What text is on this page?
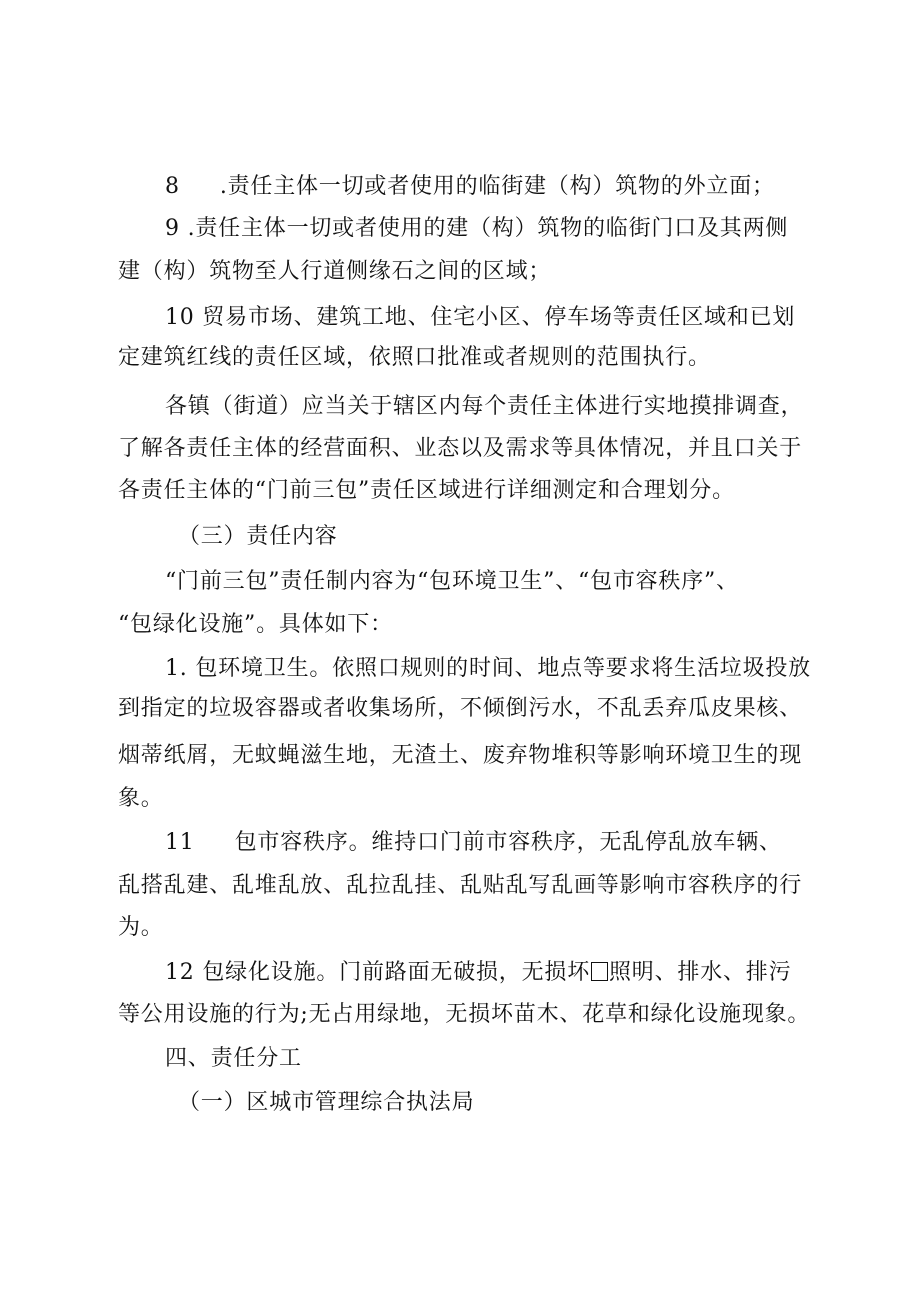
8 .责任主体一切或者使用的临街建（构）筑物的外立面；
9 .责任主体一切或者使用的建（构）筑物的临街门口及其两侧
建（构）筑物至人行道侧缘石之间的区域；
10 贸易市场、建筑工地、住宅小区、停车场等责任区域和已划
定建筑红线的责任区域，依照口批准或者规则的范围执行。
各镇（街道）应当关于辖区内每个责任主体进行实地摸排调查，
了解各责任主体的经营面积、业态以及需求等具体情况，并且口关于
各责任主体的“门前三包”责任区域进行详细测定和合理划分。
（三）责任内容
“门前三包”责任制内容为“包环境卫生”、“包市容秩序”、
“包绿化设施”。具体如下：
1. 包环境卫生。依照口规则的时间、地点等要求将生活垃圾投放
到指定的垃圾容器或者收集场所，不倾倒污水，不乱丢弃瓜皮果核、
烟蒂纸屑，无蚊蝇滋生地，无渣土、废弃物堆积等影响环境卫生的现
象。
11 包市容秩序。维持口门前市容秩序，无乱停乱放车辆、
乱搭乱建、乱堆乱放、乱拉乱挂、乱贴乱写乱画等影响市容秩序的行
为。
12 包绿化设施。门前路面无破损，无损坏 照明、排水、排污
等公用设施的行为;无占用绿地，无损坏苗木、花草和绿化设施现象。
四、责任分工
（一）区城市管理综合执法局
